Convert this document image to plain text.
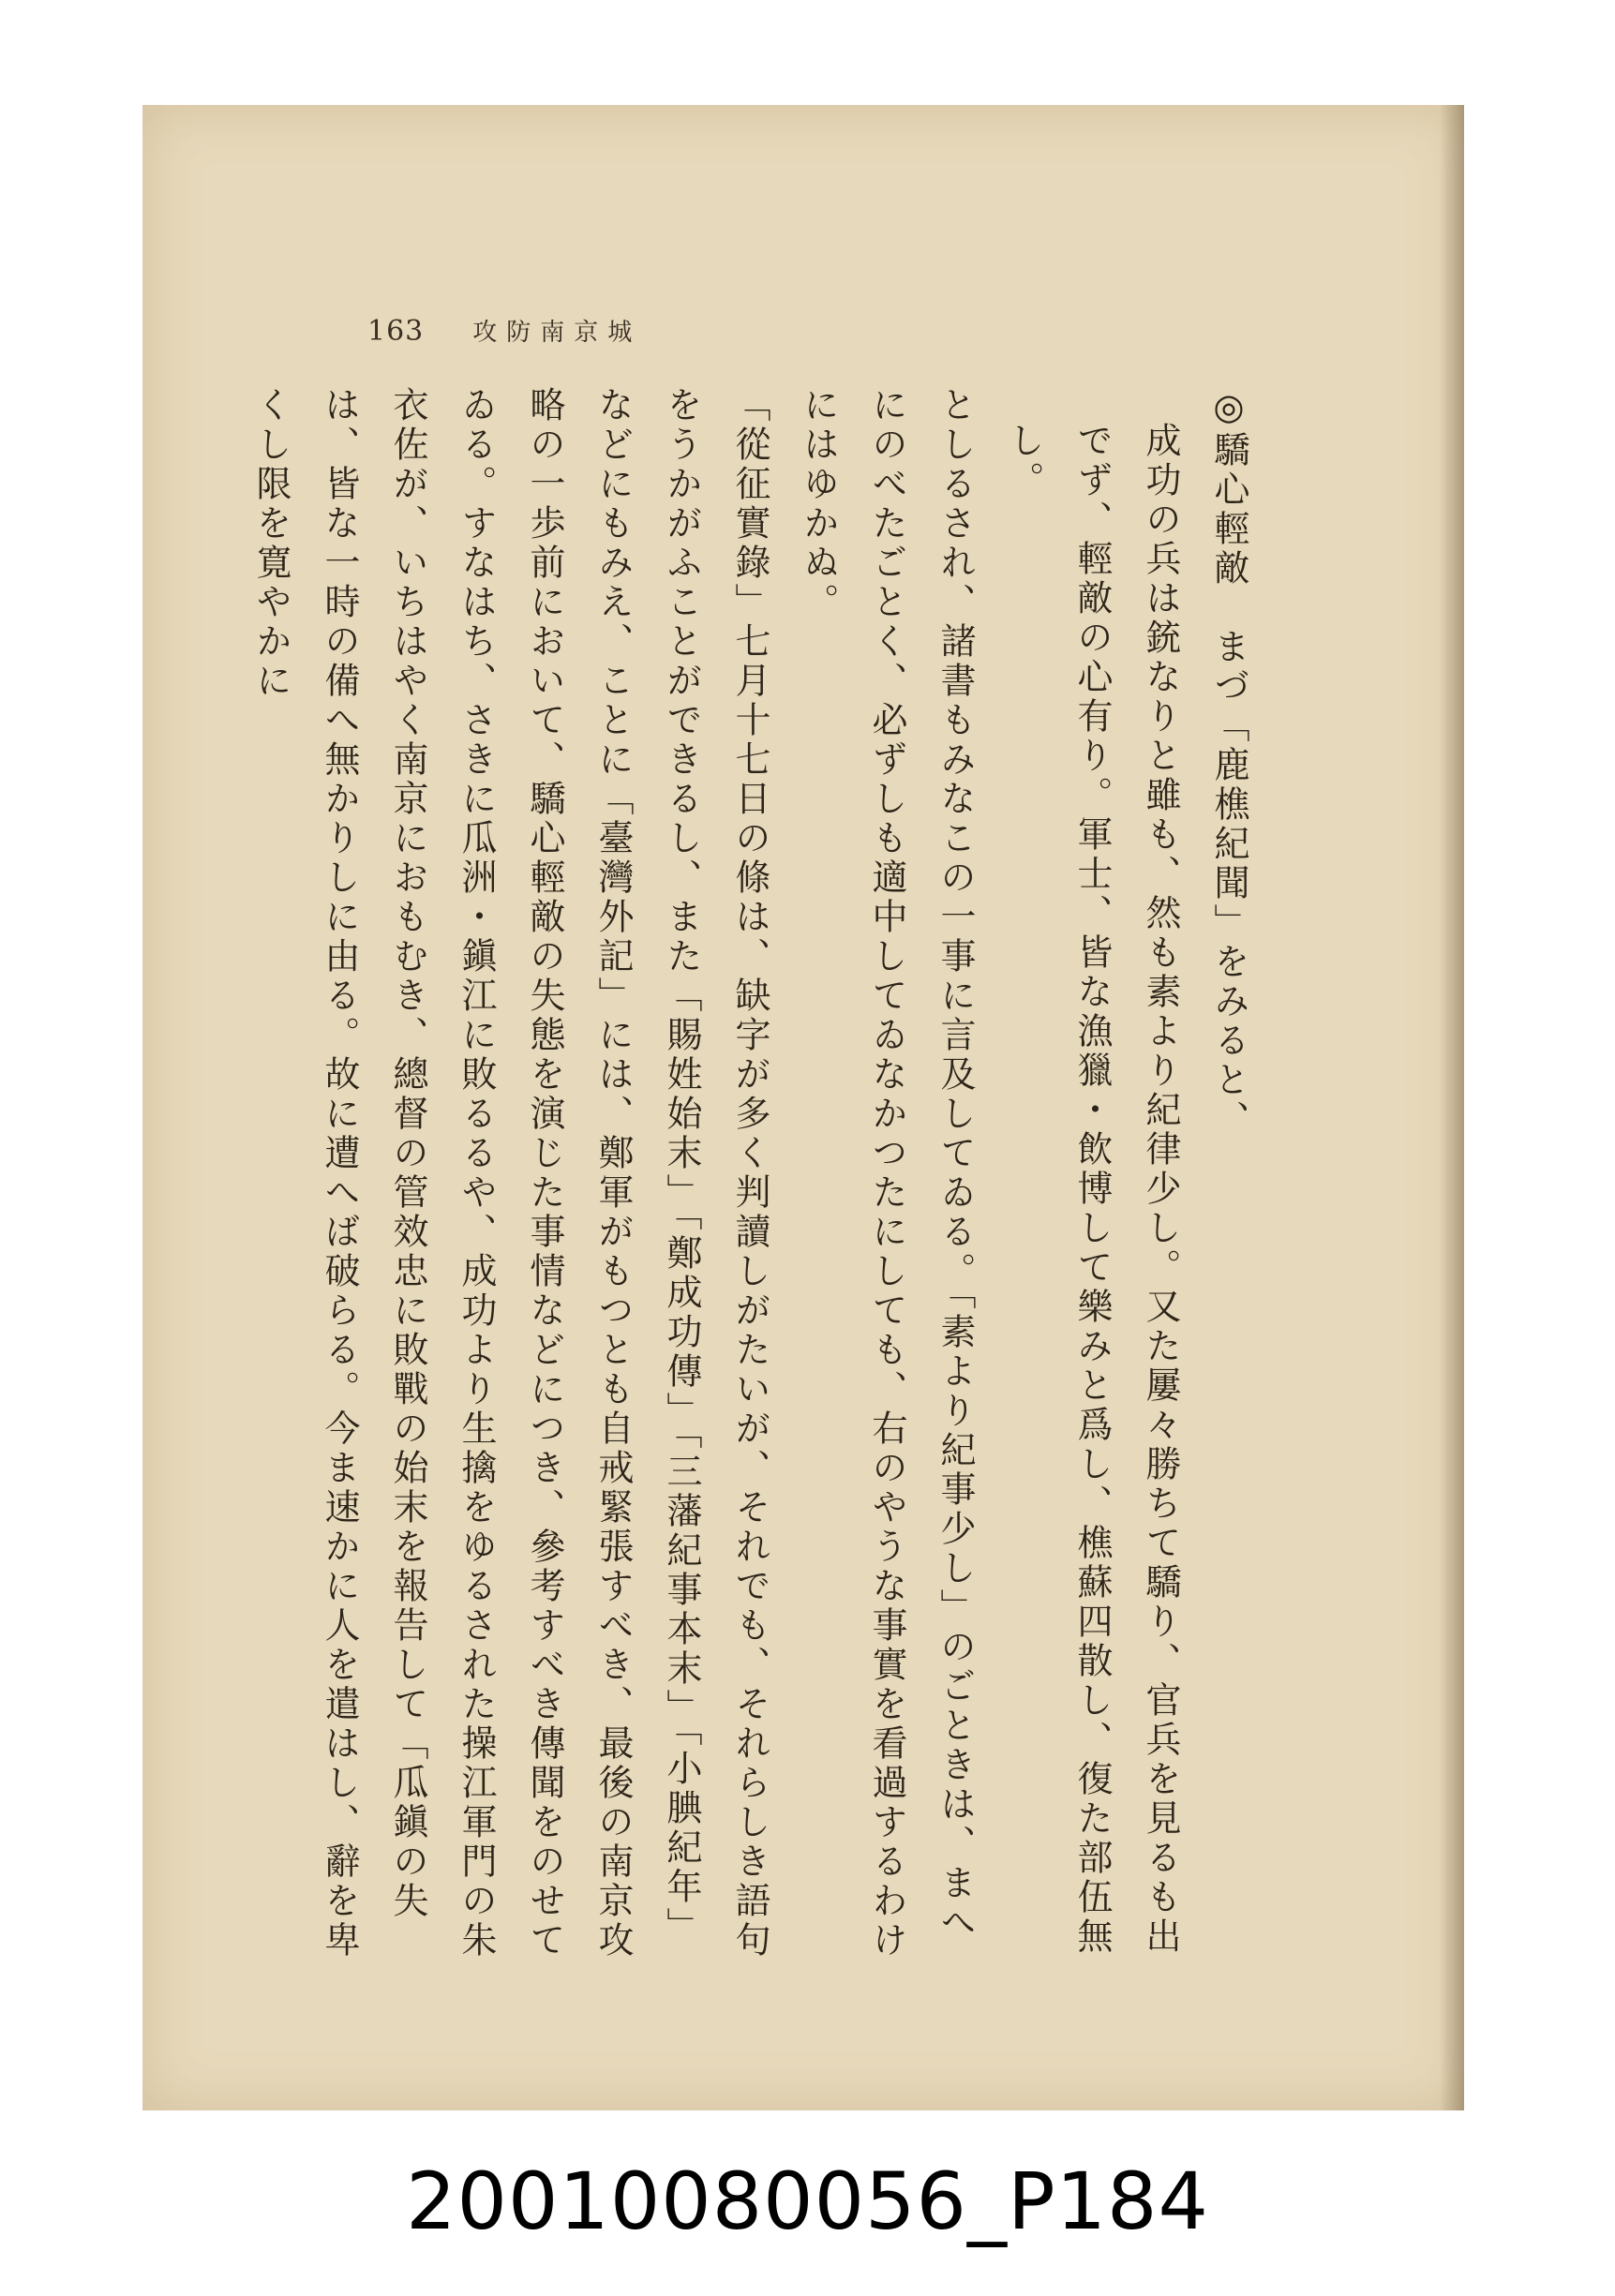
163 攻防南京城

◎驕心輕敵　まづ「鹿樵紀聞」をみると、

成功の兵は銃なりと雖も、然も素より紀律少し。又た屢々勝ちて驕り、官兵を見るも出でず、輕敵の心有り。軍士、皆な漁獵・飲博して樂みと爲し、樵蘇四散し、復た部伍無し。

としるされ、諸書もみなこの一事に言及してゐる。「素より紀事少し」のごときは、まへにのべたごとく、必ずしも適中してゐなかつたにしても、右のやうな事實を看過するわけにはゆかぬ。

「從征實錄」七月十七日の條は、缺字が多く判讀しがたいが、それでも、それらしき語句をうかがふことができるし、また「賜姓始末」「鄭成功傳」「三藩紀事本末」「小腆紀年」などにもみえ、ことに「臺灣外記」には、鄭軍がもつとも自戒緊張すべき、最後の南京攻略の一歩前において、驕心輕敵の失態を演じた事情などにつき、參考すべき傳聞をのせてゐる。すなはち、さきに瓜洲・鎭江に敗るるや、成功より生擒をゆるされた操江軍門の朱衣佐が、いちはやく南京におもむき、總督の管效忠に敗戰の始末を報告して「瓜鎭の失は、皆な一時の備へ無かりしに由る。故に遭へば破らる。今ま速かに人を遣はし、辭を卑くし限を寛やかに

20010080056_P184
